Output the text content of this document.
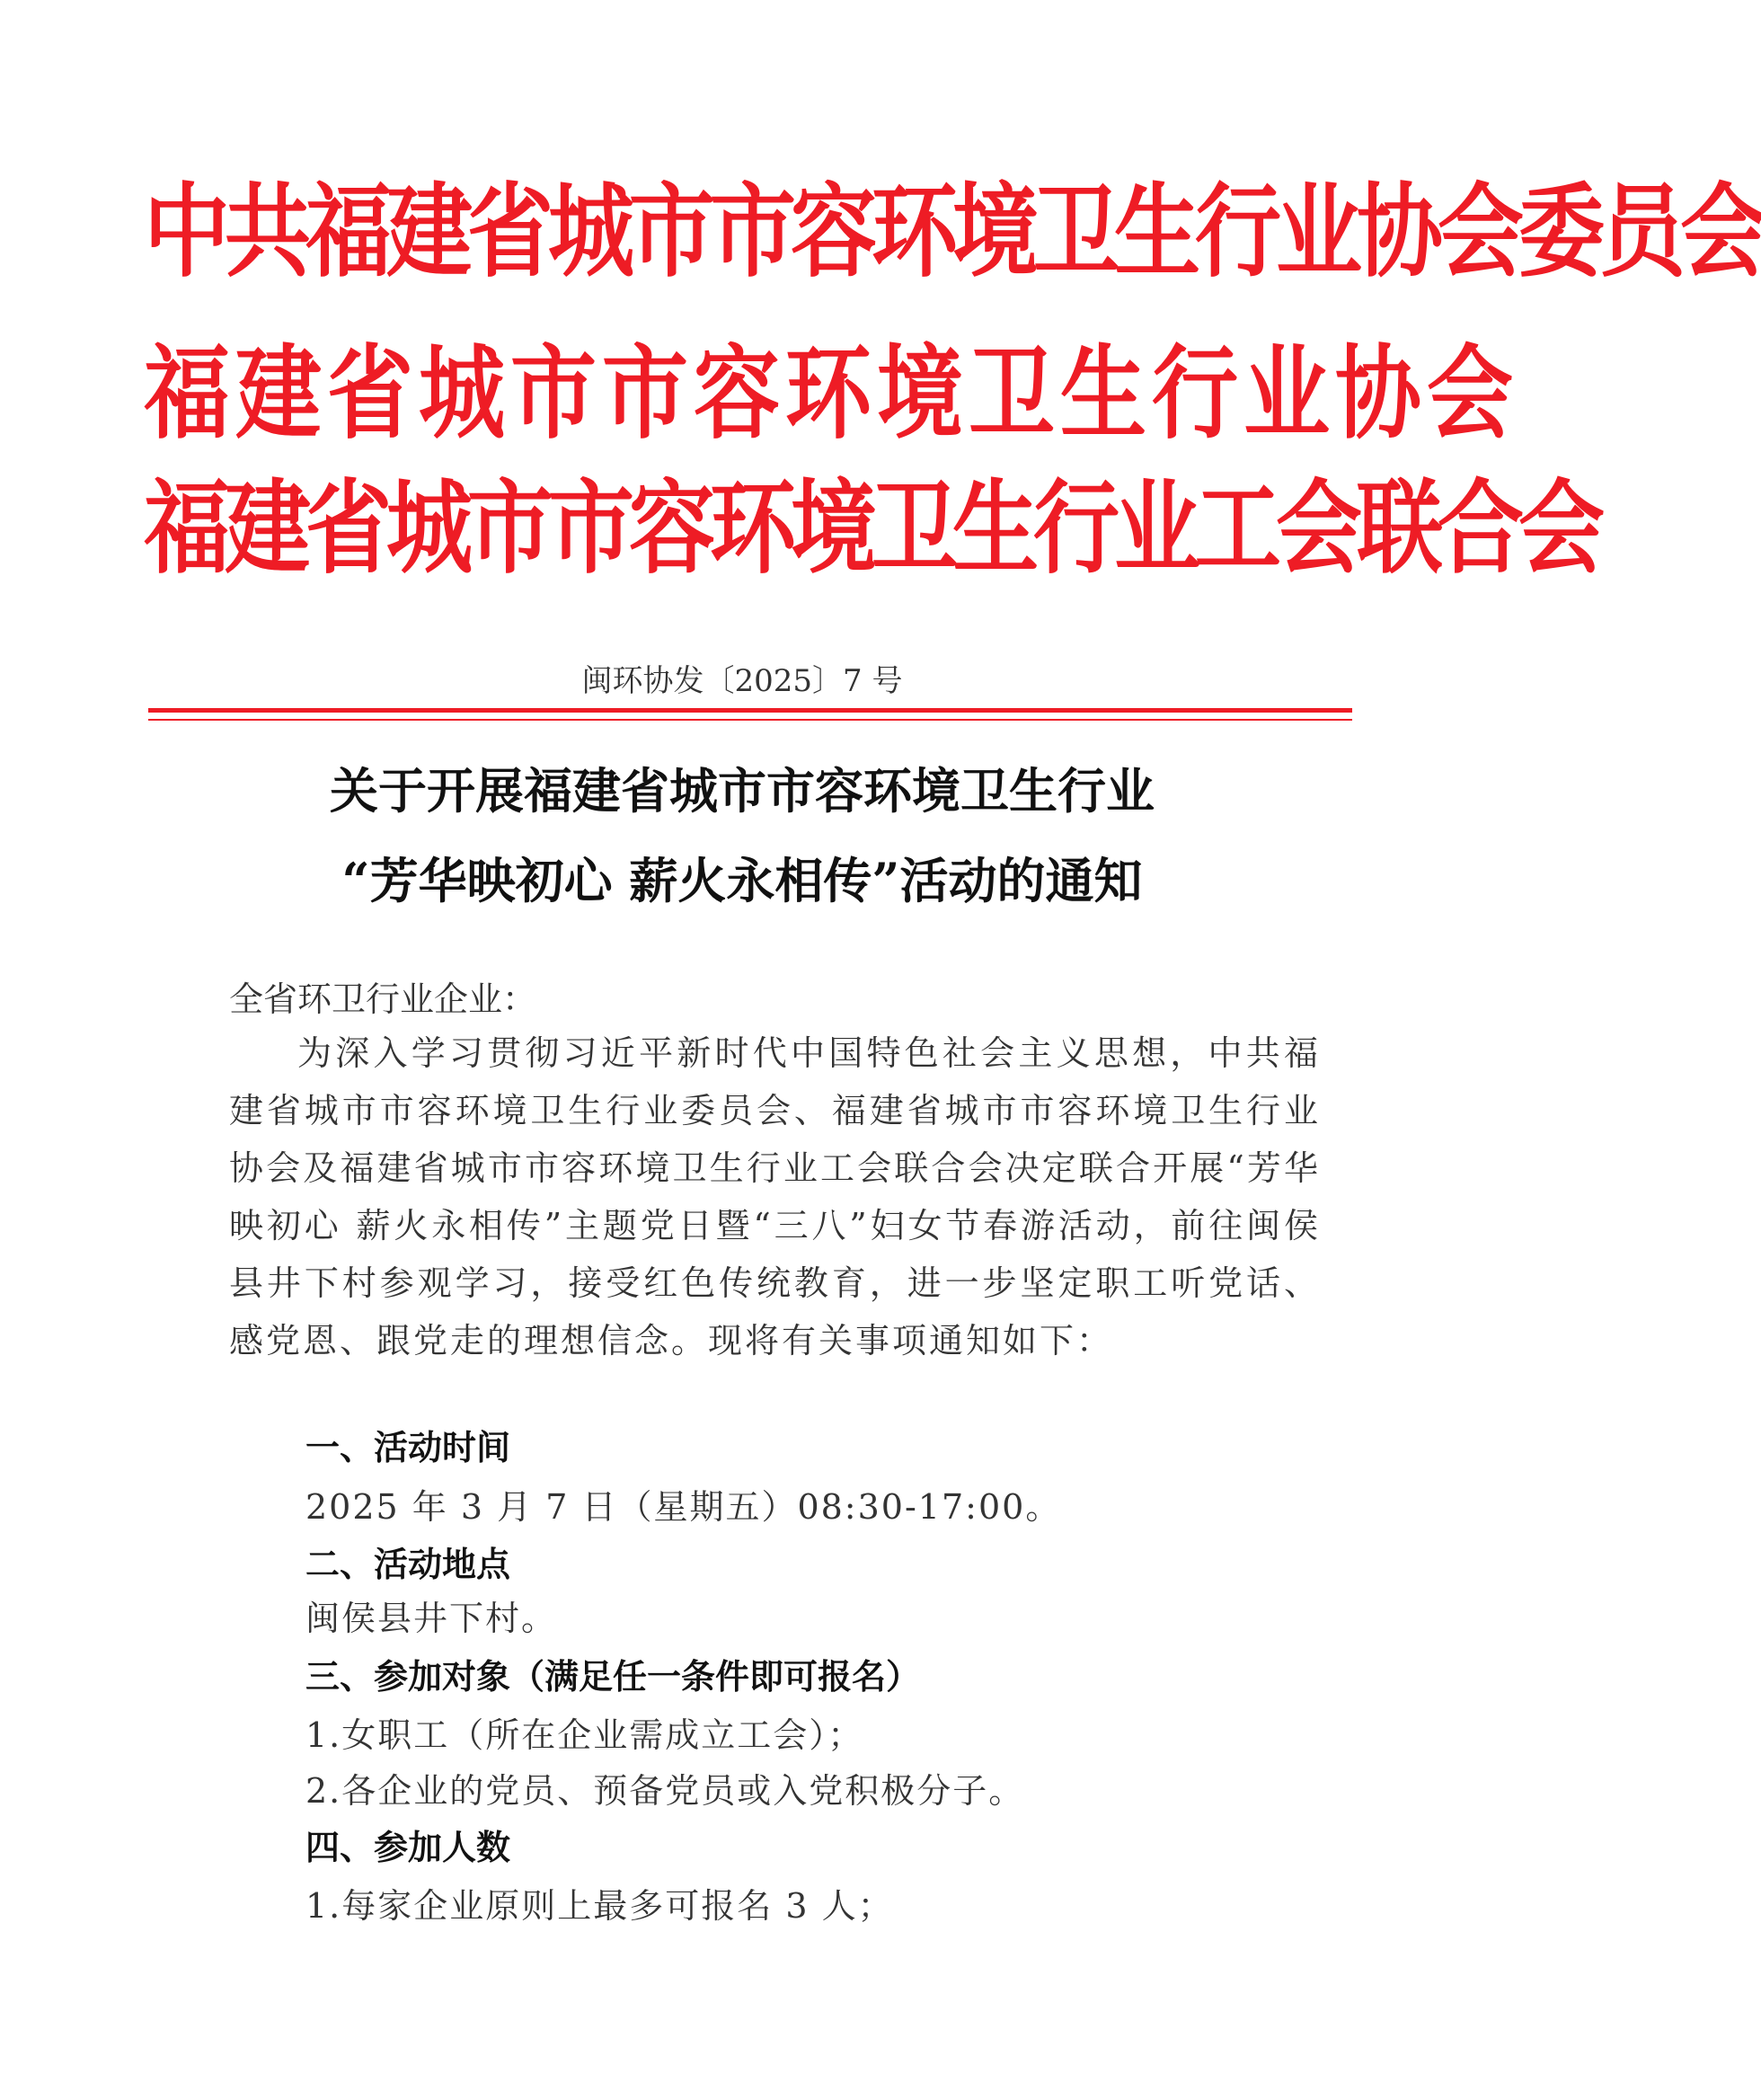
中共福建省城市市容环境卫生行业协会委员会
福建省城市市容环境卫生行业协会
福建省城市市容环境卫生行业工会联合会
闽环协发〔2025〕7 号
关于开展福建省城市市容环境卫生行业
“芳华映初心 薪火永相传”活动的通知
全省环卫行业企业：
为深入学习贯彻习近平新时代中国特色社会主义思想，中共福建省城市市容环境卫生行业委员会、福建省城市市容环境卫生行业协会及福建省城市市容环境卫生行业工会联合会决定联合开展“芳华映初心 薪火永相传”主题党日暨“三八”妇女节春游活动，前往闽侯县井下村参观学习，接受红色传统教育，进一步坚定职工听党话、感党恩、跟党走的理想信念。现将有关事项通知如下：
一、活动时间
2025 年 3 月 7 日（星期五）08:30-17:00。
二、活动地点
闽侯县井下村。
三、参加对象（满足任一条件即可报名）
1.女职工（所在企业需成立工会）；
2.各企业的党员、预备党员或入党积极分子。
四、参加人数
1.每家企业原则上最多可报名 3 人；
